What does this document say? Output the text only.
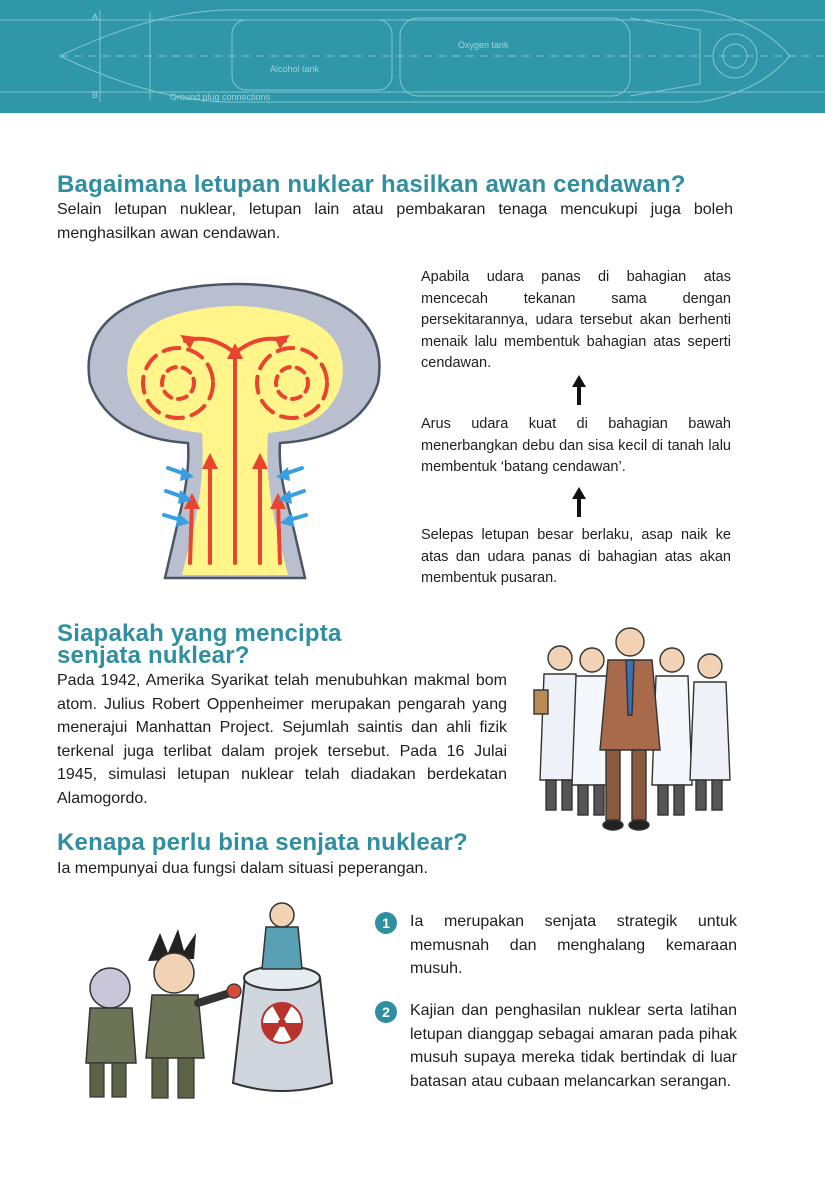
Oxygen tank
Alcohol tank
Ground plug connections
A
B
Bagaimana letupan nuklear hasilkan awan cendawan?

Selain letupan nuklear, letupan lain atau pembakaran tenaga mencukupi juga boleh menghasilkan awan cendawan.

Apabila udara panas di bahagian atas mencecah tekanan sama dengan persekitarannya, udara tersebut akan berhenti menaik lalu membentuk bahagian atas seperti cendawan.

Arus udara kuat di bahagian bawah menerbangkan debu dan sisa kecil di tanah lalu membentuk ‘batang cendawan’.

Selepas letupan besar berlaku, asap naik ke atas dan udara panas di bahagian atas akan membentuk pusaran.

Siapakah yang mencipta
senjata nuklear?

Pada 1942, Amerika Syarikat telah menubuhkan makmal bom atom. Julius Robert Oppenheimer merupakan pengarah yang menerajui Manhattan Project. Sejumlah saintis dan ahli fizik terkenal juga terlibat dalam projek tersebut. Pada 16 Julai 1945, simulasi letupan nuklear telah diadakan berdekatan Alamogordo.

Kenapa perlu bina senjata nuklear?

Ia mempunyai dua fungsi dalam situasi peperangan.

1	Ia merupakan senjata strategik untuk memusnah dan menghalang kemaraan musuh.

2	Kajian dan penghasilan nuklear serta latihan letupan dianggap sebagai amaran pada pihak musuh supaya mereka tidak bertindak di luar batasan atau cubaan melancarkan serangan.
